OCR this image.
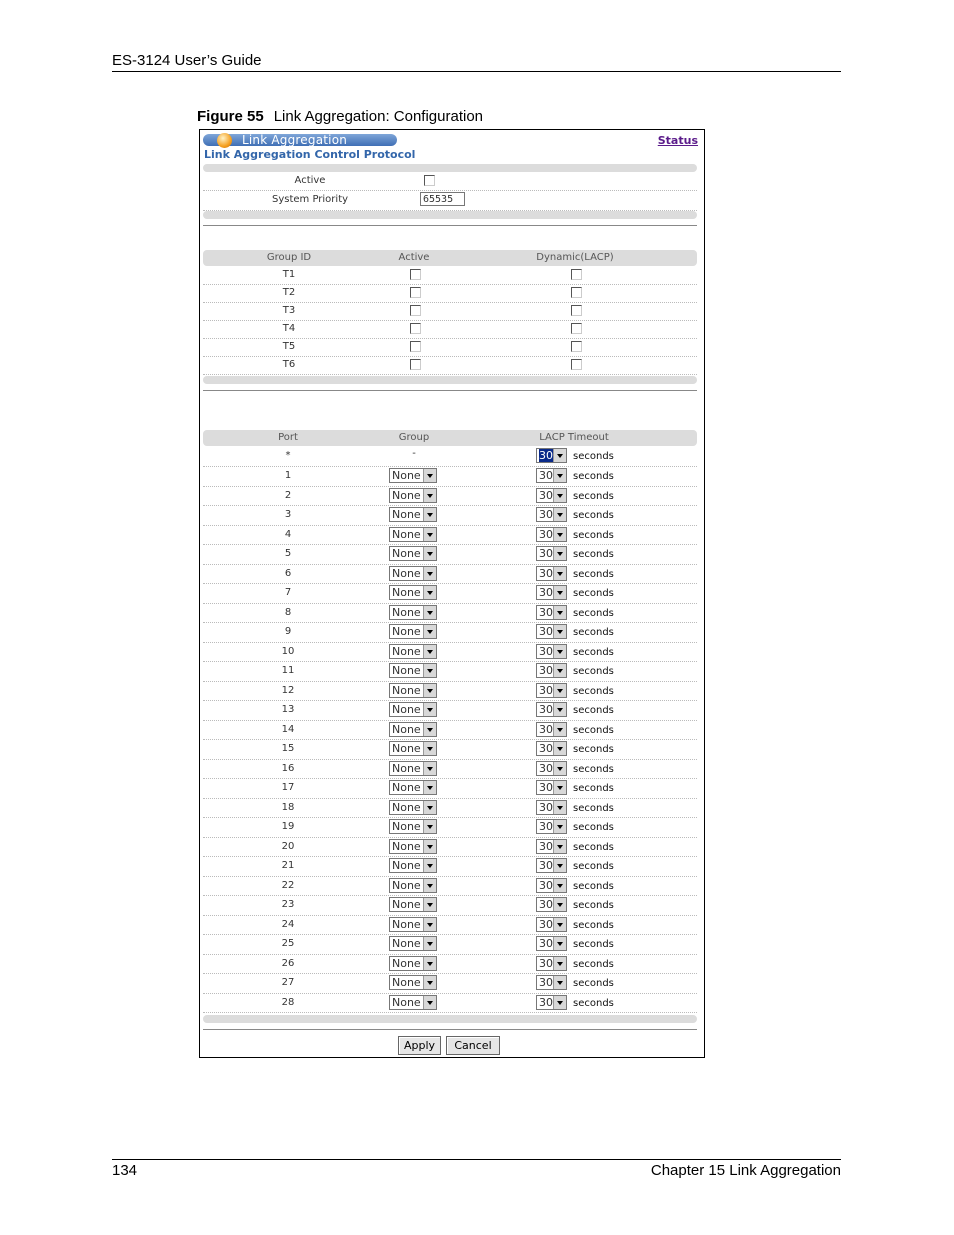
ES-3124 User’s Guide
Figure 55 Link Aggregation: Configuration
Link Aggregation	Status
Link Aggregation Control Protocol
Active
System Priority	65535
Group ID	Active	Dynamic(LACP)
T1
T2
T3
T4
T5
T6
Port	Group	LACP Timeout
*	-	30	seconds
1	None	30	seconds
2	None	30	seconds
3	None	30	seconds
4	None	30	seconds
5	None	30	seconds
6	None	30	seconds
7	None	30	seconds
8	None	30	seconds
9	None	30	seconds
10	None	30	seconds
11	None	30	seconds
12	None	30	seconds
13	None	30	seconds
14	None	30	seconds
15	None	30	seconds
16	None	30	seconds
17	None	30	seconds
18	None	30	seconds
19	None	30	seconds
20	None	30	seconds
21	None	30	seconds
22	None	30	seconds
23	None	30	seconds
24	None	30	seconds
25	None	30	seconds
26	None	30	seconds
27	None	30	seconds
28	None	30	seconds
Apply	Cancel
134	Chapter 15 Link Aggregation
